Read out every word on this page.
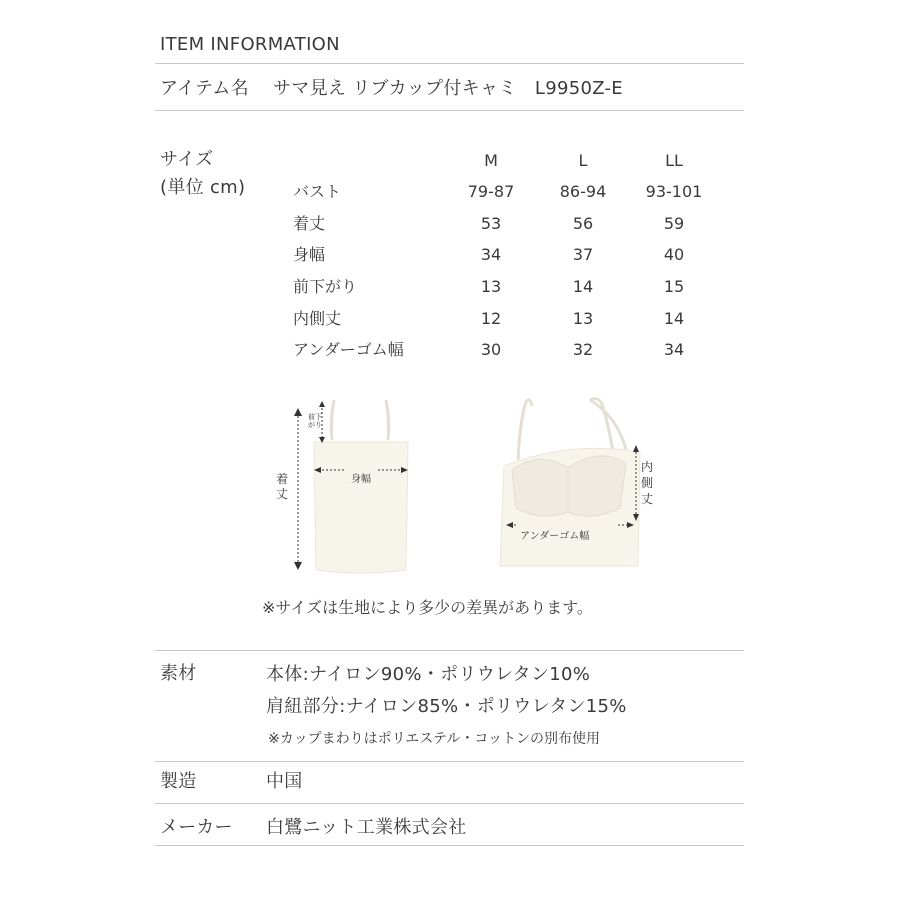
ITEM INFORMATION
アイテム名 サマ見え リブカップ付キャミ　L9950Z-E
サイズ
(単位 cm)
M	L	LL
バスト	79-87	86-94	93-101
着丈	53	56	59
身幅	34	37	40
前下がり	13	14	15
内側丈	12	13	14
アンダーゴム幅	30	32	34
着
丈
身幅
前下
がり
内
側
丈
アンダーゴム幅
※サイズは生地により多少の差異があります。
素材	本体:ナイロン90%・ポリウレタン10%
肩紐部分:ナイロン85%・ポリウレタン15%
※カップまわりはポリエステル・コットンの別布使用
製造	中国
メーカー 白鷺ニット工業株式会社
